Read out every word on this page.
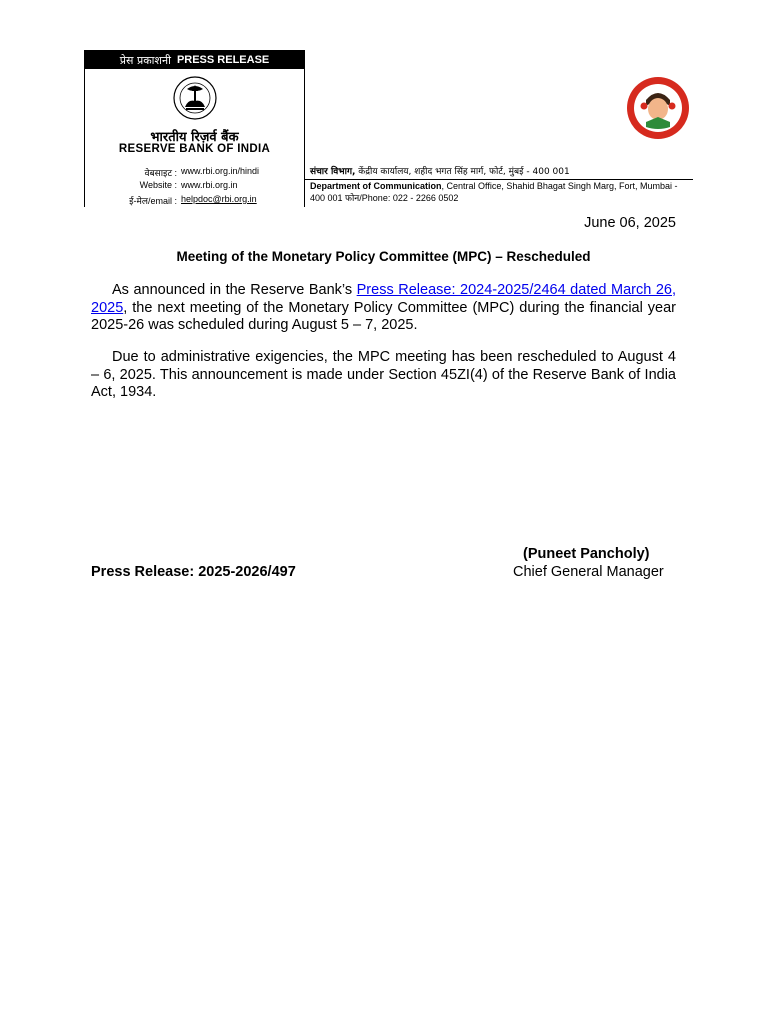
प्रेस प्रकाशनी PRESS RELEASE
भारतीय रिज़र्व बैंक
RESERVE BANK OF INDIA
वेबसाइट : www.rbi.org.in/hindi
Website : www.rbi.org.in
ई-मेल/email : helpdoc@rbi.org.in
संचार विभाग, केंद्रीय कार्यालय, शहीद भगत सिंह मार्ग, फोर्ट, मुंबई - 400 001
Department of Communication, Central Office, Shahid Bhagat Singh Marg, Fort, Mumbai - 400 001 फोन/Phone: 022 - 2266 0502
June 06, 2025
Meeting of the Monetary Policy Committee (MPC) – Rescheduled
As announced in the Reserve Bank’s Press Release: 2024-2025/2464 dated March 26, 2025, the next meeting of the Monetary Policy Committee (MPC) during the financial year 2025-26 was scheduled during August 5 – 7, 2025.
Due to administrative exigencies, the MPC meeting has been rescheduled to August 4 – 6, 2025. This announcement is made under Section 45ZI(4) of the Reserve Bank of India Act, 1934.
(Puneet Pancholy)
Chief General Manager
Press Release: 2025-2026/497
